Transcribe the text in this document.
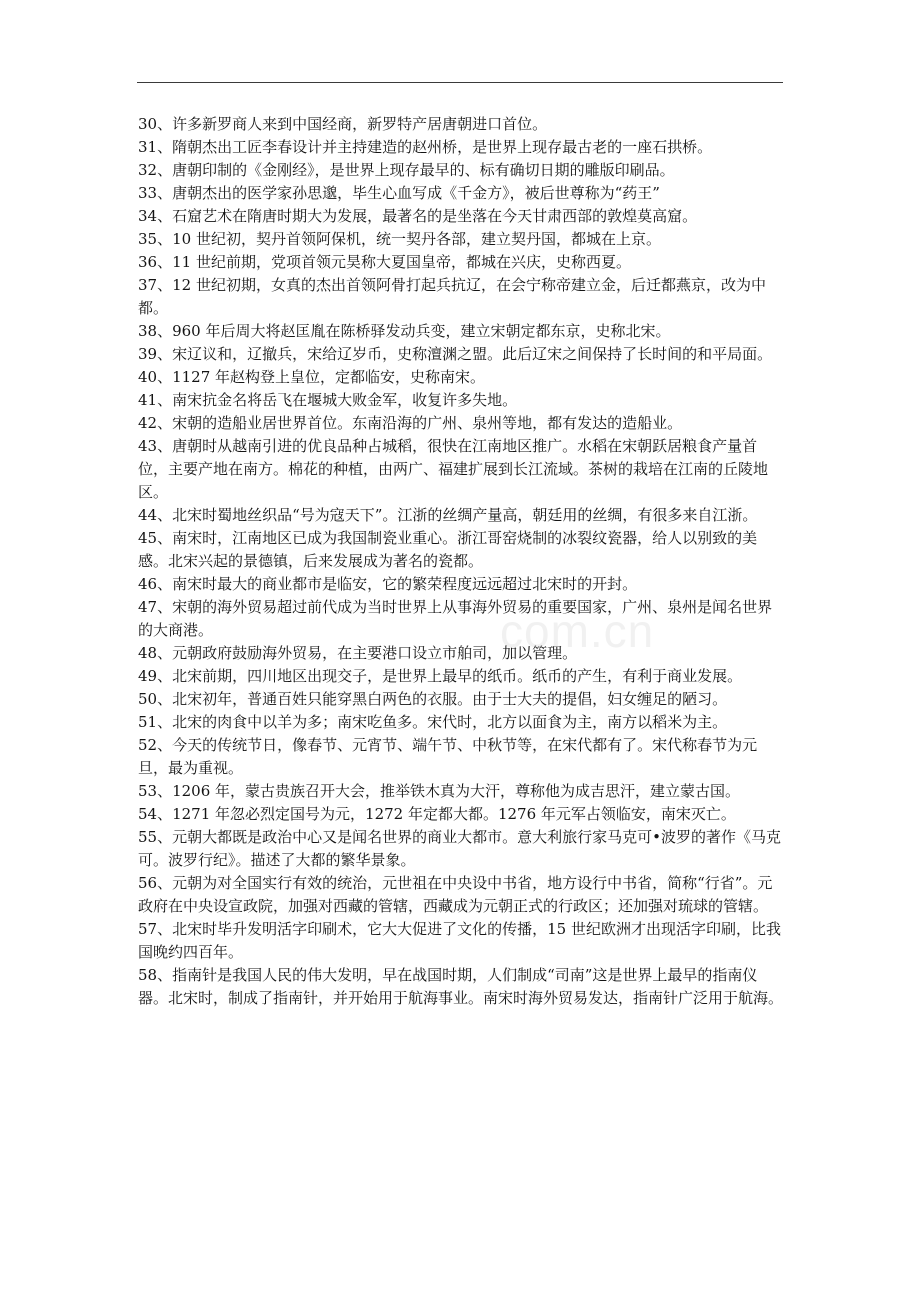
30、许多新罗商人来到中国经商，新罗特产居唐朝进口首位。

31、隋朝杰出工匠李春设计并主持建造的赵州桥，是世界上现存最古老的一座石拱桥。

32、唐朝印制的《金刚经》，是世界上现存最早的、标有确切日期的雕版印刷品。

33、唐朝杰出的医学家孙思邈，毕生心血写成《千金方》，被后世尊称为“药王”

34、石窟艺术在隋唐时期大为发展，最著名的是坐落在今天甘肃西部的敦煌莫高窟。

35、10 世纪初，契丹首领阿保机，统一契丹各部，建立契丹国，都城在上京。

36、11 世纪前期，党项首领元昊称大夏国皇帝，都城在兴庆，史称西夏。

37、12 世纪初期，女真的杰出首领阿骨打起兵抗辽，在会宁称帝建立金，后迁都燕京，改为中都。

38、960 年后周大将赵匡胤在陈桥驿发动兵变，建立宋朝定都东京，史称北宋。

39、宋辽议和，辽撤兵，宋给辽岁币，史称澶渊之盟。此后辽宋之间保持了长时间的和平局面。

40、1127 年赵构登上皇位，定都临安，史称南宋。

41、南宋抗金名将岳飞在堰城大败金军，收复许多失地。

42、宋朝的造船业居世界首位。东南沿海的广州、泉州等地，都有发达的造船业。

43、唐朝时从越南引进的优良品种占城稻，很快在江南地区推广。水稻在宋朝跃居粮食产量首位，主要产地在南方。棉花的种植，由两广、福建扩展到长江流域。茶树的栽培在江南的丘陵地区。

44、北宋时蜀地丝织品“号为寇天下”。江浙的丝绸产量高，朝廷用的丝绸，有很多来自江浙。

45、南宋时，江南地区已成为我国制瓷业重心。浙江哥窑烧制的冰裂纹瓷器，给人以别致的美感。北宋兴起的景德镇，后来发展成为著名的瓷都。

46、南宋时最大的商业都市是临安，它的繁荣程度远远超过北宋时的开封。

47、宋朝的海外贸易超过前代成为当时世界上从事海外贸易的重要国家，广州、泉州是闻名世界的大商港。

48、元朝政府鼓励海外贸易，在主要港口设立市舶司，加以管理。

49、北宋前期，四川地区出现交子，是世界上最早的纸币。纸币的产生，有利于商业发展。

50、北宋初年，普通百姓只能穿黑白两色的衣服。由于士大夫的提倡，妇女缠足的陋习。

51、北宋的肉食中以羊为多；南宋吃鱼多。宋代时，北方以面食为主，南方以稻米为主。

52、今天的传统节日，像春节、元宵节、端午节、中秋节等，在宋代都有了。宋代称春节为元旦，最为重视。

53、1206 年，蒙古贵族召开大会，推举铁木真为大汗，尊称他为成吉思汗，建立蒙古国。

54、1271 年忽必烈定国号为元，1272 年定都大都。1276 年元军占领临安，南宋灭亡。

55、元朝大都既是政治中心又是闻名世界的商业大都市。意大利旅行家马克可•波罗的著作《马克可。波罗行纪》。描述了大都的繁华景象。

56、元朝为对全国实行有效的统治，元世祖在中央设中书省，地方设行中书省，简称“行省”。元政府在中央设宣政院，加强对西藏的管辖，西藏成为元朝正式的行政区；还加强对琉球的管辖。

57、北宋时毕升发明活字印刷术，它大大促进了文化的传播，15 世纪欧洲才出现活字印刷，比我国晚约四百年。

58、指南针是我国人民的伟大发明，早在战国时期，人们制成“司南”这是世界上最早的指南仪器。北宋时，制成了指南针，并开始用于航海事业。南宋时海外贸易发达，指南针广泛用于航海。

com.cn
